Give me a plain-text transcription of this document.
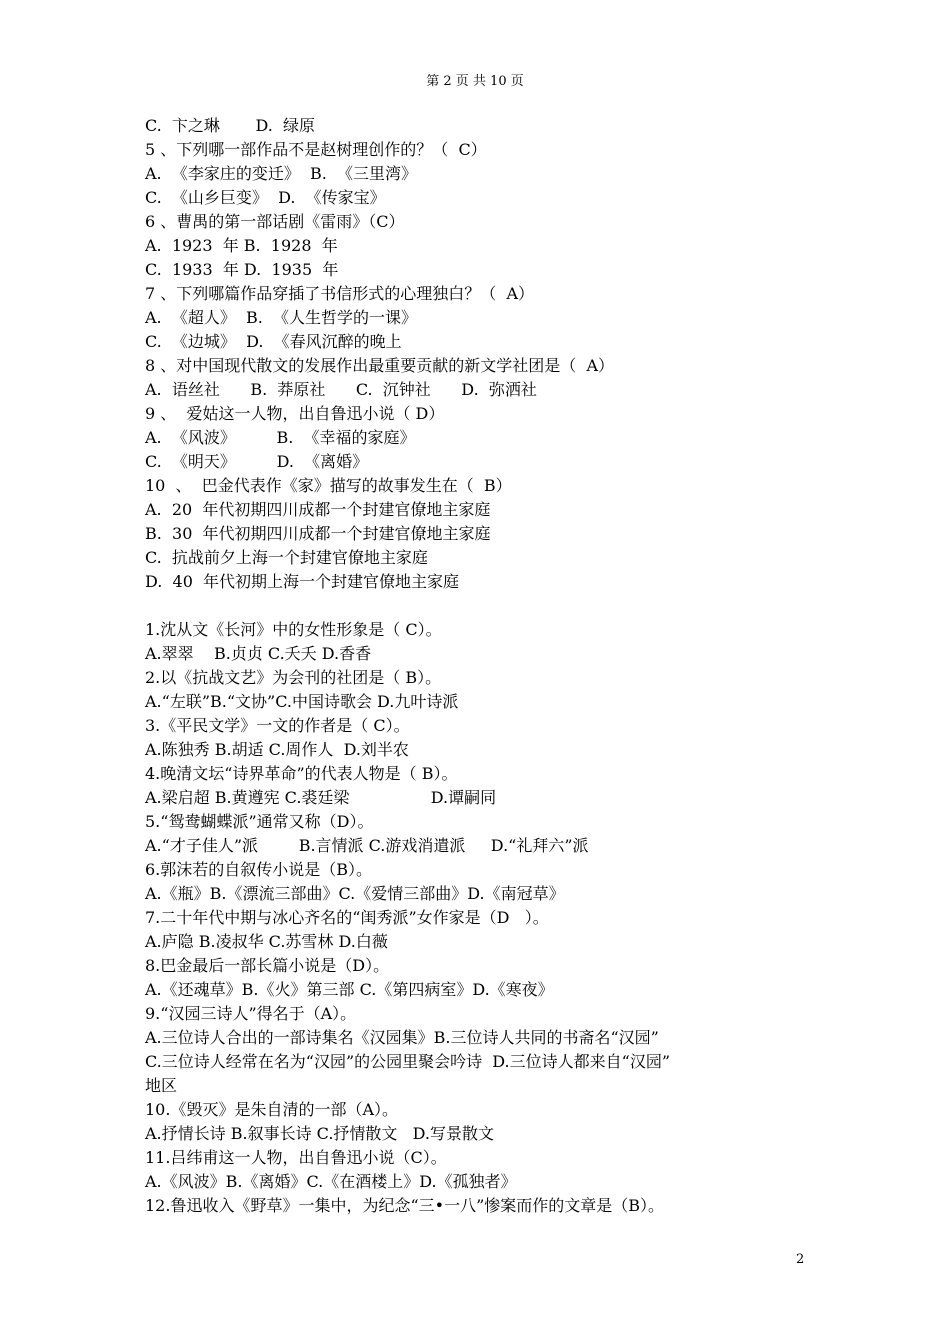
第 2 页 共 10 页
C.  卞之琳       D.  绿原
5 、下列哪一部作品不是赵树理创作的？（  C）
A.  《李家庄的变迁》  B.  《三里湾》
C.  《山乡巨变》  D.  《传家宝》
6 、曹禺的第一部话剧《雷雨》（C）
A.  1923  年 B.  1928  年
C.  1933  年 D.  1935  年
7 、下列哪篇作品穿插了书信形式的心理独白？（  A）
A.  《超人》  B.  《人生哲学的一课》
C.  《边城》  D.  《春风沉醉的晚上
8 、对中国现代散文的发展作出最重要贡献的新文学社团是（  A）
A.  语丝社      B.  莽原社      C.  沉钟社      D.  弥洒社
9 、  爱姑这一人物，出自鲁迅小说（ D）
A.  《风波》        B.  《幸福的家庭》
C.  《明天》        D.  《离婚》
10  、  巴金代表作《家》描写的故事发生在（  B）
A.  20  年代初期四川成都一个封建官僚地主家庭
B.  30  年代初期四川成都一个封建官僚地主家庭
C.  抗战前夕上海一个封建官僚地主家庭
D.  40  年代初期上海一个封建官僚地主家庭
1.沈从文《长河》中的女性形象是（ C）。
A.翠翠    B.贞贞 C.夭夭 D.香香
2.以《抗战文艺》为会刊的社团是（ B）。
A.“左联”B.“文协”C.中国诗歌会 D.九叶诗派
3.《平民文学》一文的作者是（ C）。
A.陈独秀 B.胡适 C.周作人  D.刘半农
4.晚清文坛“诗界革命”的代表人物是（ B）。
A.梁启超 B.黄遵宪 C.裘廷梁                D.谭嗣同
5.“鸳鸯蝴蝶派”通常又称（D）。
A.“才子佳人”派        B.言情派 C.游戏消遣派     D.“礼拜六”派
6.郭沫若的自叙传小说是（B）。
A.《瓶》B.《漂流三部曲》C.《爱情三部曲》D.《南冠草》
7.二十年代中期与冰心齐名的“闺秀派”女作家是（D   ）。
A.庐隐 B.凌叔华 C.苏雪林 D.白薇
8.巴金最后一部长篇小说是（D）。
A.《还魂草》B.《火》第三部 C.《第四病室》D.《寒夜》
9.“汉园三诗人”得名于（A）。
A.三位诗人合出的一部诗集名《汉园集》B.三位诗人共同的书斋名“汉园”
C.三位诗人经常在名为“汉园”的公园里聚会吟诗  D.三位诗人都来自“汉园”
地区
10.《毁灭》是朱自清的一部（A）。
A.抒情长诗 B.叙事长诗 C.抒情散文   D.写景散文
11.吕纬甫这一人物，出自鲁迅小说（C）。
A.《风波》B.《离婚》C.《在酒楼上》D.《孤独者》
12.鲁迅收入《野草》一集中，为纪念“三•一八”惨案而作的文章是（B）。
2
